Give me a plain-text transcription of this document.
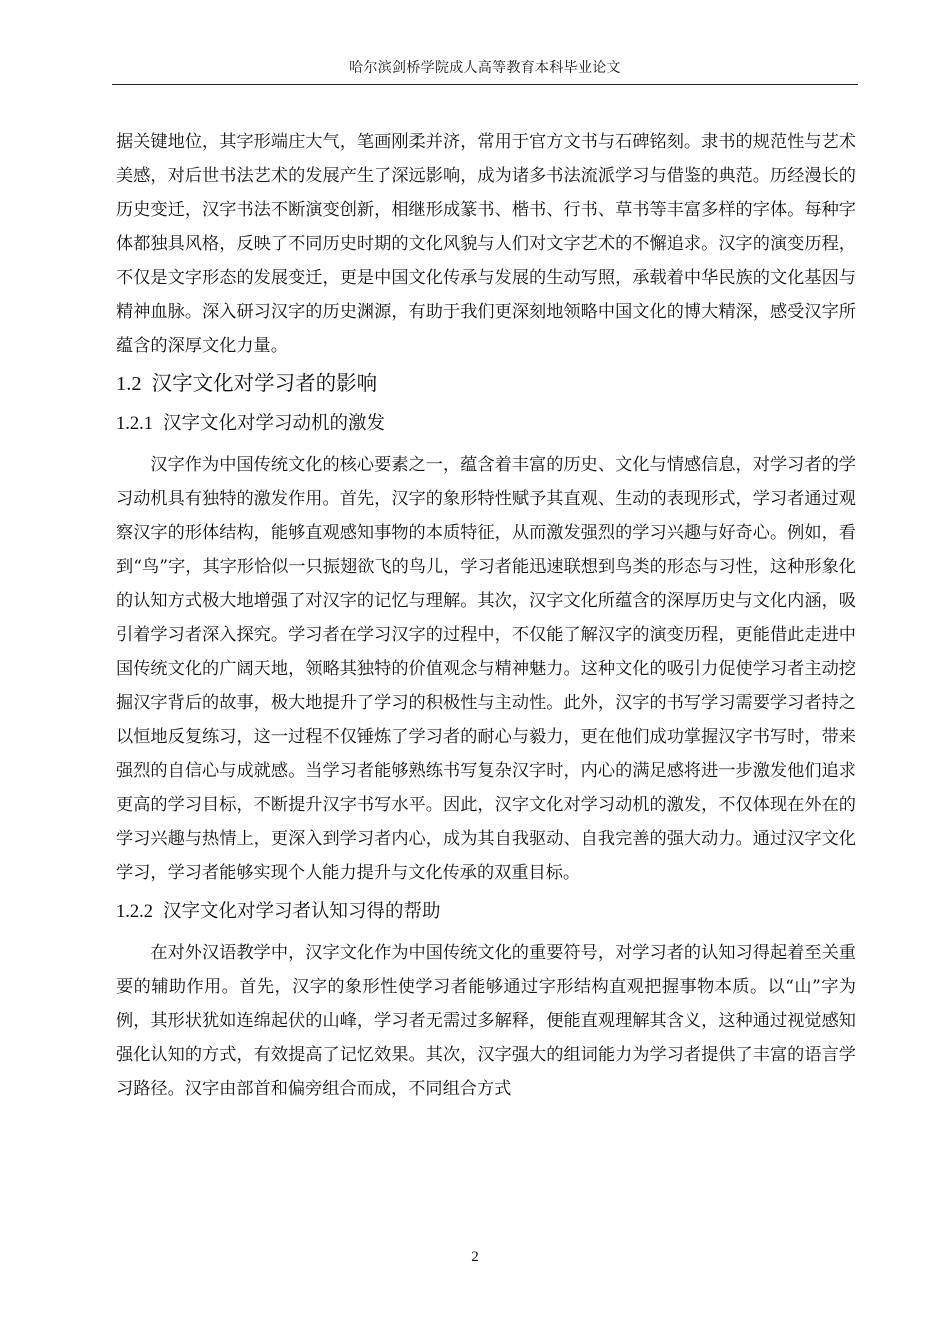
哈尔滨剑桥学院成人高等教育本科毕业论文

据关键地位，其字形端庄大气，笔画刚柔并济，常用于官方文书与石碑铭刻。隶书的规范性与艺术美感，对后世书法艺术的发展产生了深远影响，成为诸多书法流派学习与借鉴的典范。历经漫长的历史变迁，汉字书法不断演变创新，相继形成篆书、楷书、行书、草书等丰富多样的字体。每种字体都独具风格，反映了不同历史时期的文化风貌与人们对文字艺术的不懈追求。汉字的演变历程，不仅是文字形态的发展变迁，更是中国文化传承与发展的生动写照，承载着中华民族的文化基因与精神血脉。深入研习汉字的历史渊源，有助于我们更深刻地领略中国文化的博大精深，感受汉字所蕴含的深厚文化力量。

1.2 汉字文化对学习者的影响
1.2.1 汉字文化对学习动机的激发

汉字作为中国传统文化的核心要素之一，蕴含着丰富的历史、文化与情感信息，对学习者的学习动机具有独特的激发作用。首先，汉字的象形特性赋予其直观、生动的表现形式，学习者通过观察汉字的形体结构，能够直观感知事物的本质特征，从而激发强烈的学习兴趣与好奇心。例如，看到“鸟”字，其字形恰似一只振翅欲飞的鸟儿，学习者能迅速联想到鸟类的形态与习性，这种形象化的认知方式极大地增强了对汉字的记忆与理解。其次，汉字文化所蕴含的深厚历史与文化内涵，吸引着学习者深入探究。学习者在学习汉字的过程中，不仅能了解汉字的演变历程，更能借此走进中国传统文化的广阔天地，领略其独特的价值观念与精神魅力。这种文化的吸引力促使学习者主动挖掘汉字背后的故事，极大地提升了学习的积极性与主动性。此外，汉字的书写学习需要学习者持之以恒地反复练习，这一过程不仅锤炼了学习者的耐心与毅力，更在他们成功掌握汉字书写时，带来强烈的自信心与成就感。当学习者能够熟练书写复杂汉字时，内心的满足感将进一步激发他们追求更高的学习目标，不断提升汉字书写水平。因此，汉字文化对学习动机的激发，不仅体现在外在的学习兴趣与热情上，更深入到学习者内心，成为其自我驱动、自我完善的强大动力。通过汉字文化学习，学习者能够实现个人能力提升与文化传承的双重目标。

1.2.2 汉字文化对学习者认知习得的帮助

在对外汉语教学中，汉字文化作为中国传统文化的重要符号，对学习者的认知习得起着至关重要的辅助作用。首先，汉字的象形性使学习者能够通过字形结构直观把握事物本质。以“山”字为例，其形状犹如连绵起伏的山峰，学习者无需过多解释，便能直观理解其含义，这种通过视觉感知强化认知的方式，有效提高了记忆效果。其次，汉字强大的组词能力为学习者提供了丰富的语言学习路径。汉字由部首和偏旁组合而成，不同组合方式

2
